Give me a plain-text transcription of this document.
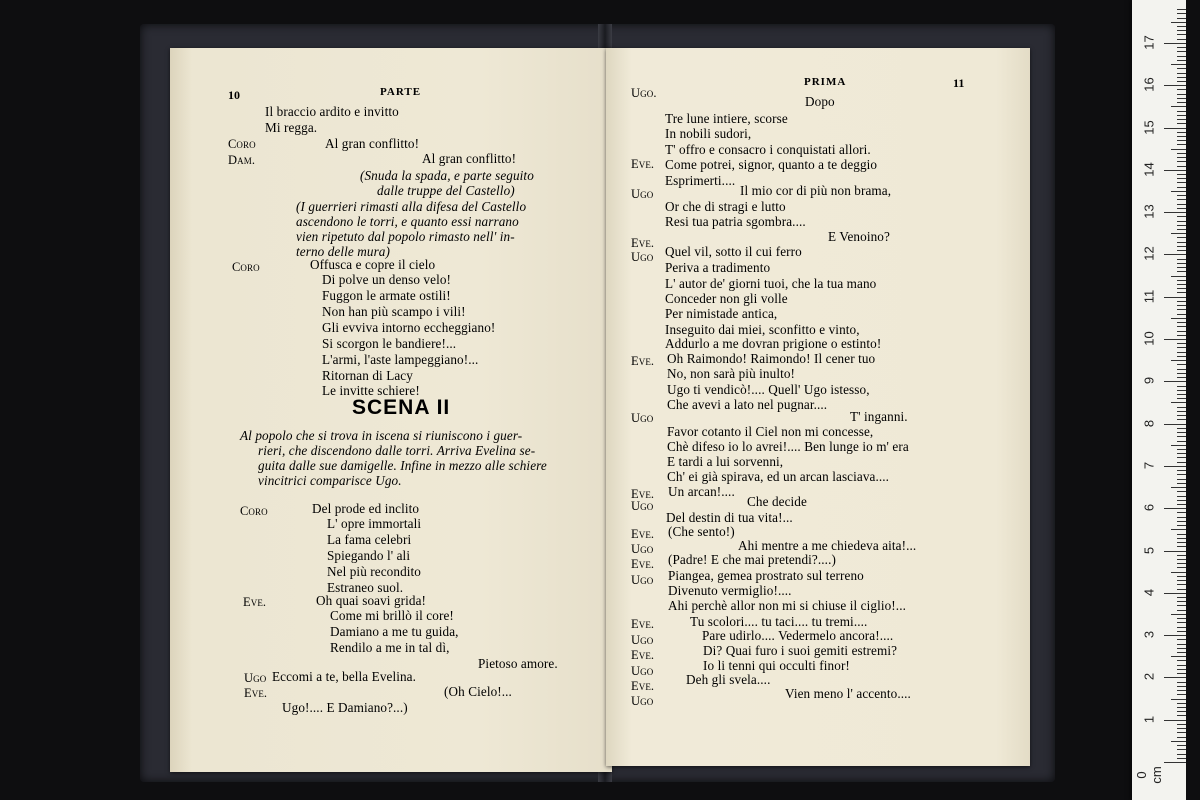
10	PARTE
Il braccio ardito e invitto
Mi regga.
Coro	Al gran conflitto!
Dam.	Al gran conflitto!
(Snuda la spada, e parte seguito
dalle truppe del Castello)
(I guerrieri rimasti alla difesa del Castello
ascendono le torri, e quanto essi narrano
vien ripetuto dal popolo rimasto nell' in-
terno delle mura)
Coro	Offusca e copre il cielo
Di polve un denso velo!
Fuggon le armate ostili!
Non han più scampo i vili!
Gli evviva intorno eccheggiano!
Si scorgon le bandiere!...
L'armi, l'aste lampeggiano!...
Ritornan di Lacy
Le invitte schiere!
SCENA II
Al popolo che si trova in iscena si riuniscono i guer-
rieri, che discendono dalle torri. Arriva Evelina se-
guita dalle sue damigelle. Infine in mezzo alle schiere
vincitrici comparisce Ugo.
Coro	Del prode ed inclito
L' opre immortali
La fama celebri
Spiegando l' ali
Nel più recondito
Estraneo suol.
Eve.	Oh quai soavi grida!
Come mi brillò il core!
Damiano a me tu guida,
Rendilo a me in tal dì,
Pietoso amore.
Ugo Eccomi a te, bella Evelina.
Eve.	(Oh Cielo!...
Ugo!.... E Damiano?...)
PRIMA	11
Ugo.
Dopo
Tre lune intiere, scorse
In nobili sudori,
T' offro e consacro i conquistati allori.
Eve. Come potrei, signor, quanto a te deggio
Esprimerti....
Ugo	Il mio cor di più non brama,
Or che di stragi e lutto
Resi tua patria sgombra....
Eve.	E Venoino?
Ugo Quel vil, sotto il cui ferro
Periva a tradimento
L' autor de' giorni tuoi, che la tua mano
Conceder non gli volle
Per nimistade antica,
Inseguito dai miei, sconfitto e vinto,
Addurlo a me dovran prigione o estinto!
Eve. Oh Raimondo! Raimondo! Il cener tuo
No, non sarà più inulto!
Ugo ti vendicò!.... Quell' Ugo istesso,
Che avevi a lato nel pugnar....
Ugo	T' inganni.
Favor cotanto il Ciel non mi concesse,
Chè difeso io lo avrei!.... Ben lunge io m' era
E tardi a lui sorvenni,
Ch' ei già spirava, ed un arcan lasciava....
Eve. Un arcan!....
Ugo	Che decide
Del destin di tua vita!...
Eve. (Che sento!)
Ugo	Ahi mentre a me chiedeva aita!...
Eve. (Padre! E che mai pretendi?....)
Ugo Piangea, gemea prostrato sul terreno
Divenuto vermiglio!....
Ahi perchè allor non mi si chiuse il ciglio!...
Eve.	Tu scolori.... tu taci.... tu tremi....
Ugo	Pare udirlo.... Vedermelo ancora!....
Eve.	Di? Quai furo i suoi gemiti estremi?
Ugo	Io li tenni qui occulti finor!
Eve. Deh gli svela....
Ugo	Vien meno l' accento....
0 cm
1
2
3
4
5
6
7
8
9
10
11
12
13
14
15
16
17
